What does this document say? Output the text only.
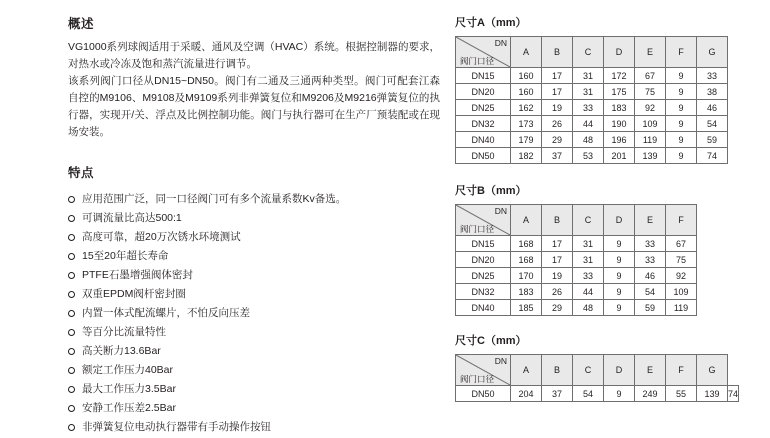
概述

VG1000系列球阀适用于采暖、通风及空调（HVAC）系统。根据控制器的要求，对热水或冷冻及饱和蒸汽流量进行调节。

该系列阀门口径从DN15~DN50。阀门有二通及三通两种类型。阀门可配套江森自控的M9106、M9108及M9109系列非弹簧复位和M9206及M9216弹簧复位的执行器，实现开/关、浮点及比例控制功能。阀门与执行器可在生产厂预装配或在现场安装。

特点
应用范围广泛，同一口径阀门可有多个流量系数Kv备选。
可调流量比高达500:1
高度可靠，超20万次锈水环境测试
15至20年超长寿命
PTFE石墨增强阀体密封
双重EPDM阀杆密封圈
内置一体式配流螺片，不怕反向压差
等百分比流量特性
高关断力13.6Bar
额定工作压力40Bar
最大工作压力3.5Bar
安静工作压差2.5Bar
非弹簧复位电动执行器带有手动操作按钮
尺寸A（mm）
DN
阀门口径	A	B	C	D	E	F	G
DN15	160	17	31	172	67	9	33
DN20	160	17	31	175	75	9	38
DN25	162	19	33	183	92	9	46
DN32	173	26	44	190	109	9	54
DN40	179	29	48	196	119	9	59
DN50	182	37	53	201	139	9	74
尺寸B（mm）
DN
阀门口径	A	B	C	D	E	F
DN15	168	17	31	9	33	67
DN20	168	17	31	9	33	75
DN25	170	19	33	9	46	92
DN32	183	26	44	9	54	109
DN40	185	29	48	9	59	119
尺寸C（mm）
DN
阀门口径	A	B	C	D	E	F	G	
DN50	204	37	54	9	249	55	139	74
